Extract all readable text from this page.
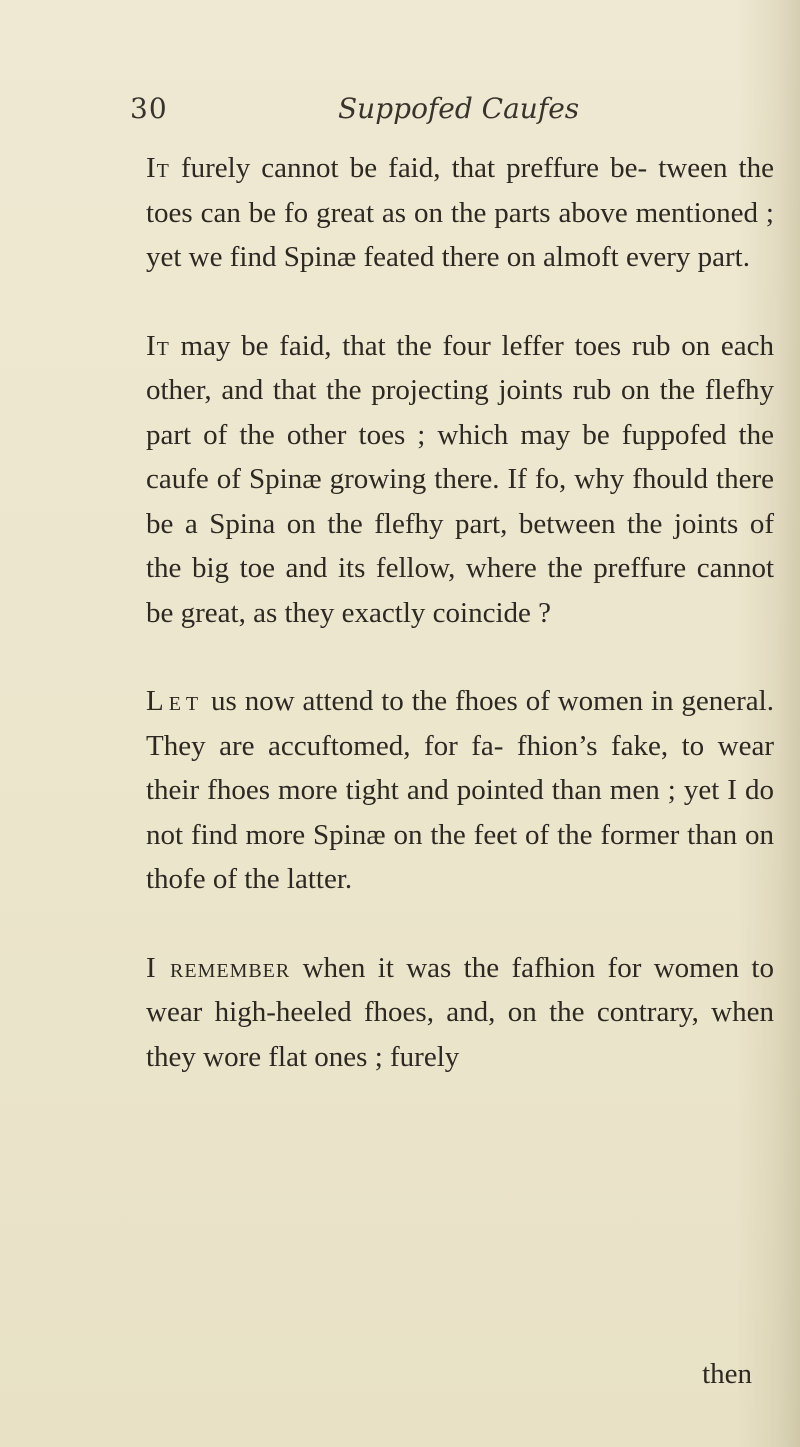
30	Suppofed Caufes

It furely cannot be faid, that preffure be- tween the toes can be fo great as on the parts above mentioned ; yet we find Spinæ feated there on almoft every part.

It may be faid, that the four leffer toes rub on each other, and that the projecting joints rub on the flefhy part of the other toes ; which may be fuppofed the caufe of Spinæ growing there. If fo, why fhould there be a Spina on the flefhy part, between the joints of the big toe and its fellow, where the preffure cannot be great, as they exactly coincide ?

Let us now attend to the fhoes of women in general. They are accuftomed, for fa- fhion’s fake, to wear their fhoes more tight and pointed than men ; yet I do not find more Spinæ on the feet of the former than on thofe of the latter.

I remember when it was the fafhion for women to wear high-heeled fhoes, and, on the contrary, when they wore flat ones ; furely

then
